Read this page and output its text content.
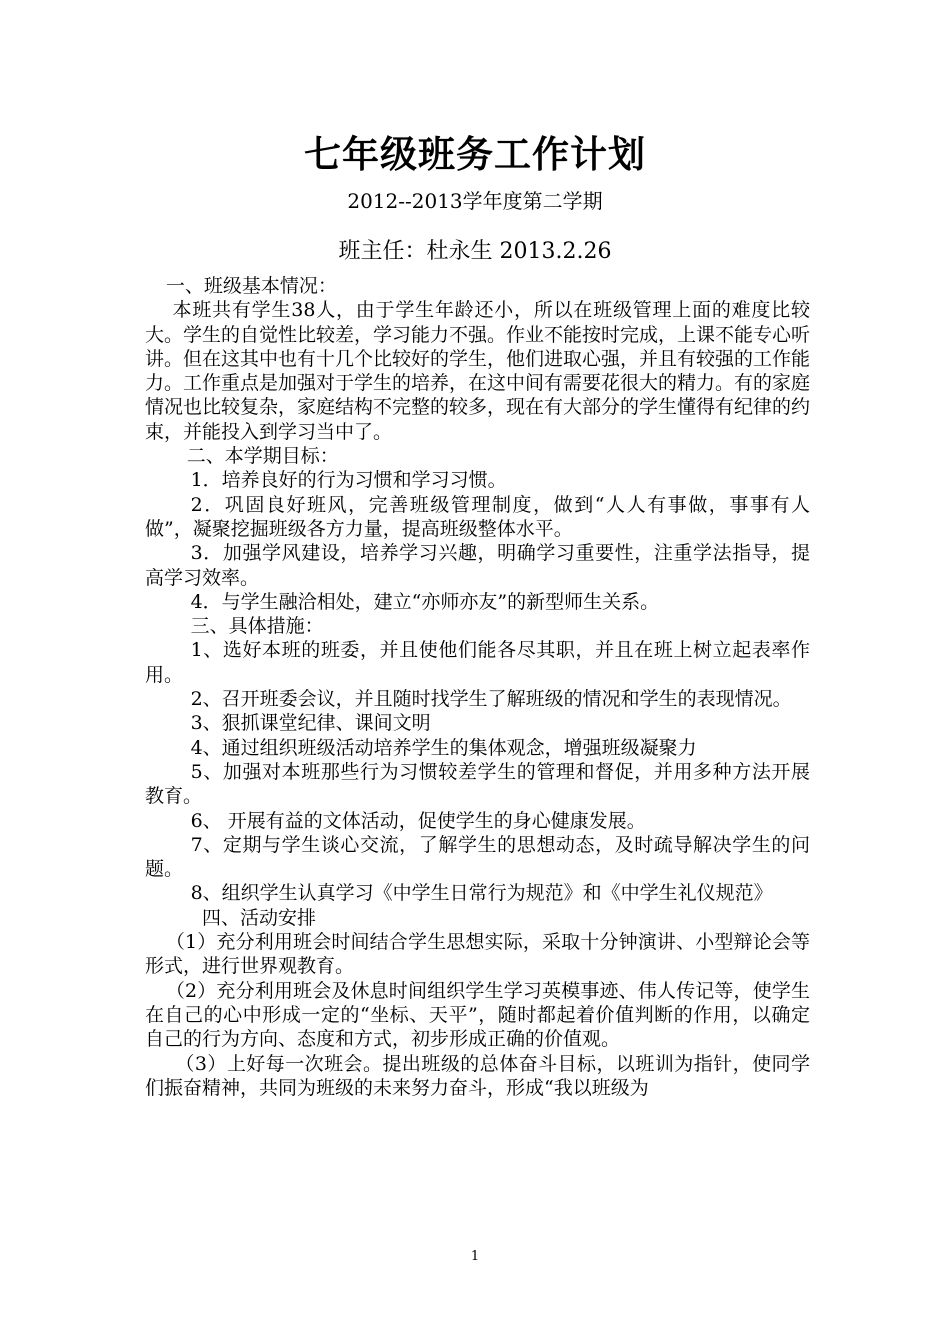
七年级班务工作计划
2012--2013学年度第二学期
班主任：杜永生 2013.2.26

一、班级基本情况：

本班共有学生38人，由于学生年龄还小，所以在班级管理上面的难度比较大。学生的自觉性比较差，学习能力不强。作业不能按时完成，上课不能专心听讲。但在这其中也有十几个比较好的学生，他们进取心强，并且有较强的工作能力。工作重点是加强对于学生的培养，在这中间有需要花很大的精力。有的家庭情况也比较复杂，家庭结构不完整的较多，现在有大部分的学生懂得有纪律的约束，并能投入到学习当中了。

二、本学期目标：

1．培养良好的行为习惯和学习习惯。

2．巩固良好班风，完善班级管理制度，做到“人人有事做，事事有人做”，凝聚挖掘班级各方力量，提高班级整体水平。

3．加强学风建设，培养学习兴趣，明确学习重要性，注重学法指导，提高学习效率。

4．与学生融洽相处，建立“亦师亦友”的新型师生关系。

三、具体措施：

1、选好本班的班委，并且使他们能各尽其职，并且在班上树立起表率作用。

2、召开班委会议，并且随时找学生了解班级的情况和学生的表现情况。

3、狠抓课堂纪律、课间文明

4、通过组织班级活动培养学生的集体观念，增强班级凝聚力

5、加强对本班那些行为习惯较差学生的管理和督促，并用多种方法开展教育。

6、 开展有益的文体活动，促使学生的身心健康发展。

7、定期与学生谈心交流，了解学生的思想动态，及时疏导解决学生的问题。

8、组织学生认真学习《中学生日常行为规范》和《中学生礼仪规范》

四、活动安排

（1）充分利用班会时间结合学生思想实际，采取十分钟演讲、小型辩论会等形式，进行世界观教育。

（2）充分利用班会及休息时间组织学生学习英模事迹、伟人传记等，使学生在自己的心中形成一定的“坐标、天平”，随时都起着价值判断的作用，以确定自己的行为方向、态度和方式，初步形成正确的价值观。

（3）上好每一次班会。提出班级的总体奋斗目标，以班训为指针，使同学们振奋精神，共同为班级的未来努力奋斗，形成“我以班级为

1
